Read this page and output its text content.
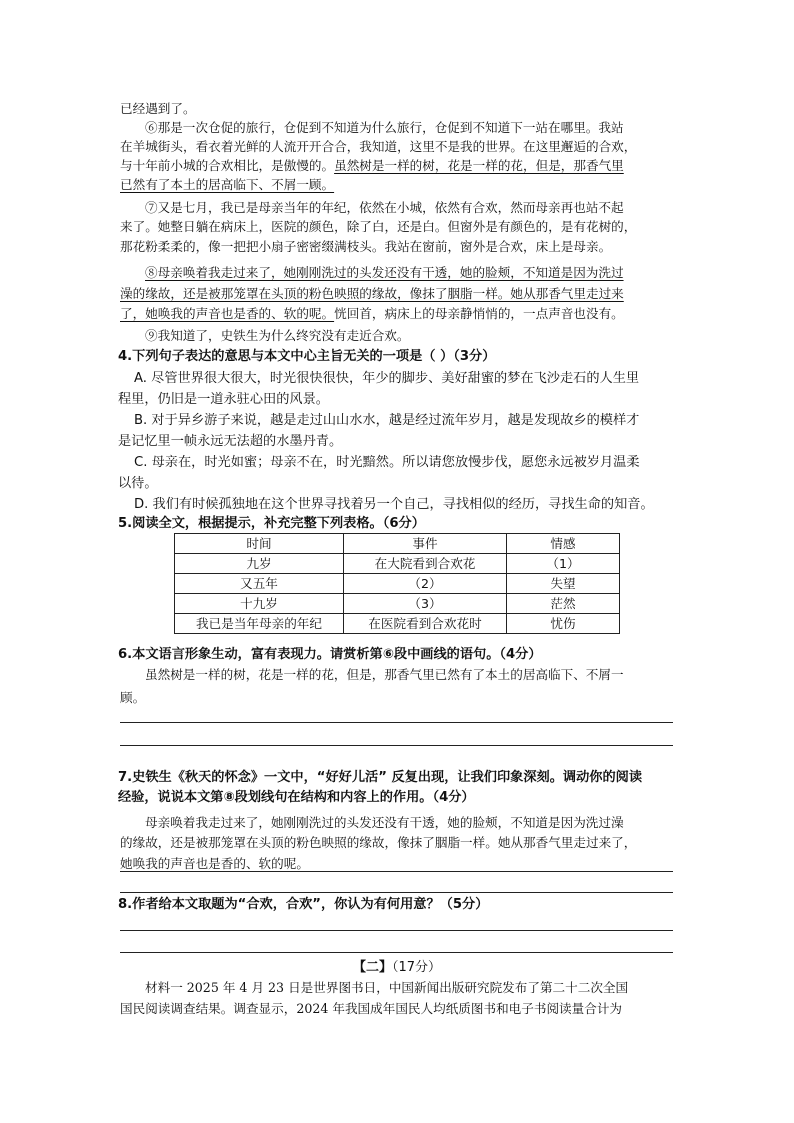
已经遇到了。
⑥那是一次仓促的旅行，仓促到不知道为什么旅行，仓促到不知道下一站在哪里。我站
在羊城街头，看衣着光鲜的人流开开合合，我知道，这里不是我的世界。在这里邂逅的合欢，
与十年前小城的合欢相比，是傲慢的。虽然树是一样的树，花是一样的花，但是，那香气里
已然有了本土的居高临下、不屑一顾。
⑦又是七月，我已是母亲当年的年纪，依然在小城，依然有合欢，然而母亲再也站不起
来了。她整日躺在病床上，医院的颜色，除了白，还是白。但窗外是有颜色的，是有花树的，
那花粉柔柔的，像一把把小扇子密密缀满枝头。我站在窗前，窗外是合欢，床上是母亲。
⑧母亲唤着我走过来了，她刚刚洗过的头发还没有干透，她的脸颊，不知道是因为洗过
澡的缘故，还是被那笼罩在头顶的粉色映照的缘故，像抹了胭脂一样。她从那香气里走过来
了，她唤我的声音也是香的、软的呢。恍回首，病床上的母亲静悄悄的，一点声音也没有。
⑨我知道了，史铁生为什么终究没有走近合欢。
4.下列句子表达的意思与本文中心主旨无关的一项是（ ）（3分）
A. 尽管世界很大很大，时光很快很快，年少的脚步、美好甜蜜的梦在飞沙走石的人生里
程里，仍旧是一道永驻心田的风景。
B. 对于异乡游子来说，越是走过山山水水，越是经过流年岁月，越是发现故乡的模样才
是记忆里一帧永远无法超的水墨丹青。
C. 母亲在，时光如蜜；母亲不在，时光黯然。所以请您放慢步伐，愿您永远被岁月温柔
以待。
D. 我们有时候孤独地在这个世界寻找着另一个自己，寻找相似的经历，寻找生命的知音。
5.阅读全文，根据提示，补充完整下列表格。（6分）
时间	事件	情感
九岁	在大院看到合欢花	（1）
又五年	（2）	失望
十九岁	（3）	茫然
我已是当年母亲的年纪	在医院看到合欢花时	忧伤
6.本文语言形象生动，富有表现力。请赏析第⑥段中画线的语句。（4分）
虽然树是一样的树，花是一样的花，但是，那香气里已然有了本土的居高临下、不屑一
顾。
7.史铁生《秋天的怀念》一文中，“好好儿活” 反复出现，让我们印象深刻。调动你的阅读
经验，说说本文第⑧段划线句在结构和内容上的作用。（4分）
母亲唤着我走过来了，她刚刚洗过的头发还没有干透，她的脸颊，不知道是因为洗过澡
的缘故，还是被那笼罩在头顶的粉色映照的缘故，像抹了胭脂一样。她从那香气里走过来了，
她唤我的声音也是香的、软的呢。
8.作者给本文取题为“合欢，合欢”，你认为有何用意？（5分）
【二】（17分）
材料一 2025 年 4 月 23 日是世界图书日，中国新闻出版研究院发布了第二十二次全国
国民阅读调查结果。调查显示，2024 年我国成年国民人均纸质图书和电子书阅读量合计为
